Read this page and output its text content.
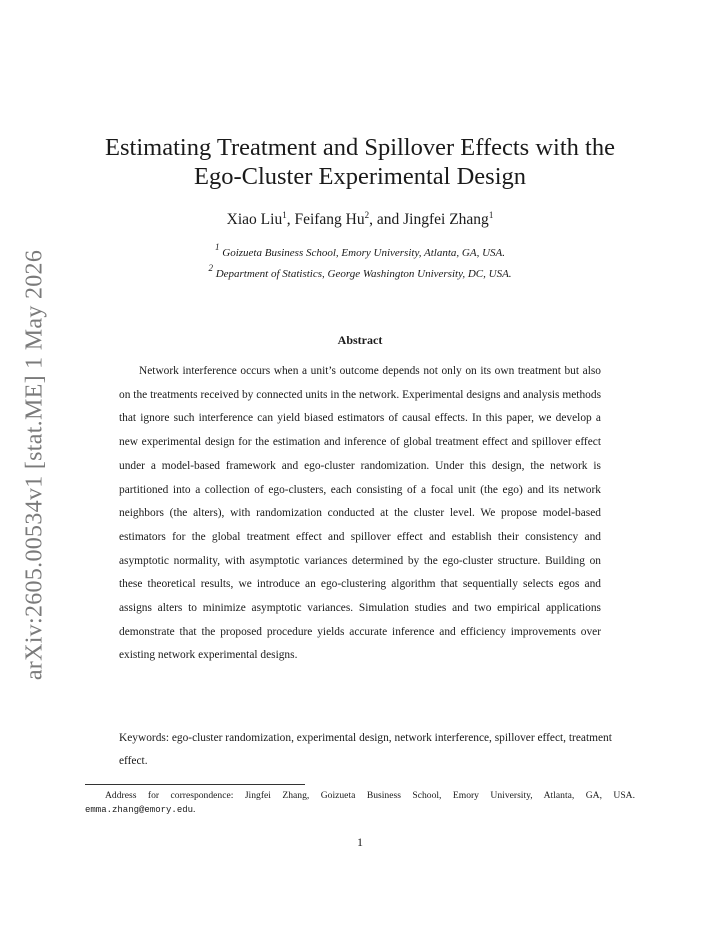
arXiv:2605.00534v1 [stat.ME] 1 May 2026
Estimating Treatment and Spillover Effects with the
Ego-Cluster Experimental Design
Xiao Liu$^1$, Feifang Hu$^2$, and Jingfei Zhang$^1$
$^1$ Goizueta Business School, Emory University, Atlanta, GA, USA.
$^2$ Department of Statistics, George Washington University, DC, USA.
Abstract
Network interference occurs when a unit’s outcome depends not only on its own treatment but also on the treatments received by connected units in the network. Experimental designs and analysis methods that ignore such interference can yield biased estimators of causal effects. In this paper, we develop a new experimental design for the estimation and inference of global treatment effect and spillover effect under a model-based framework and ego-cluster randomization. Under this design, the network is partitioned into a collection of ego-clusters, each consisting of a focal unit (the ego) and its network neighbors (the alters), with randomization conducted at the cluster level. We propose model-based estimators for the global treatment effect and spillover effect and establish their consistency and asymptotic normality, with asymptotic variances determined by the ego-cluster structure. Building on these theoretical results, we introduce an ego-clustering algorithm that sequentially selects egos and assigns alters to minimize asymptotic variances. Simulation studies and two empirical applications demonstrate that the proposed procedure yields accurate inference and efficiency improvements over existing network experimental designs.
Keywords: ego-cluster randomization, experimental design, network interference, spillover effect, treatment effect.
Address for correspondence: Jingfei Zhang, Goizueta Business School, Emory University, Atlanta, GA, USA. emma.zhang@emory.edu.
1
